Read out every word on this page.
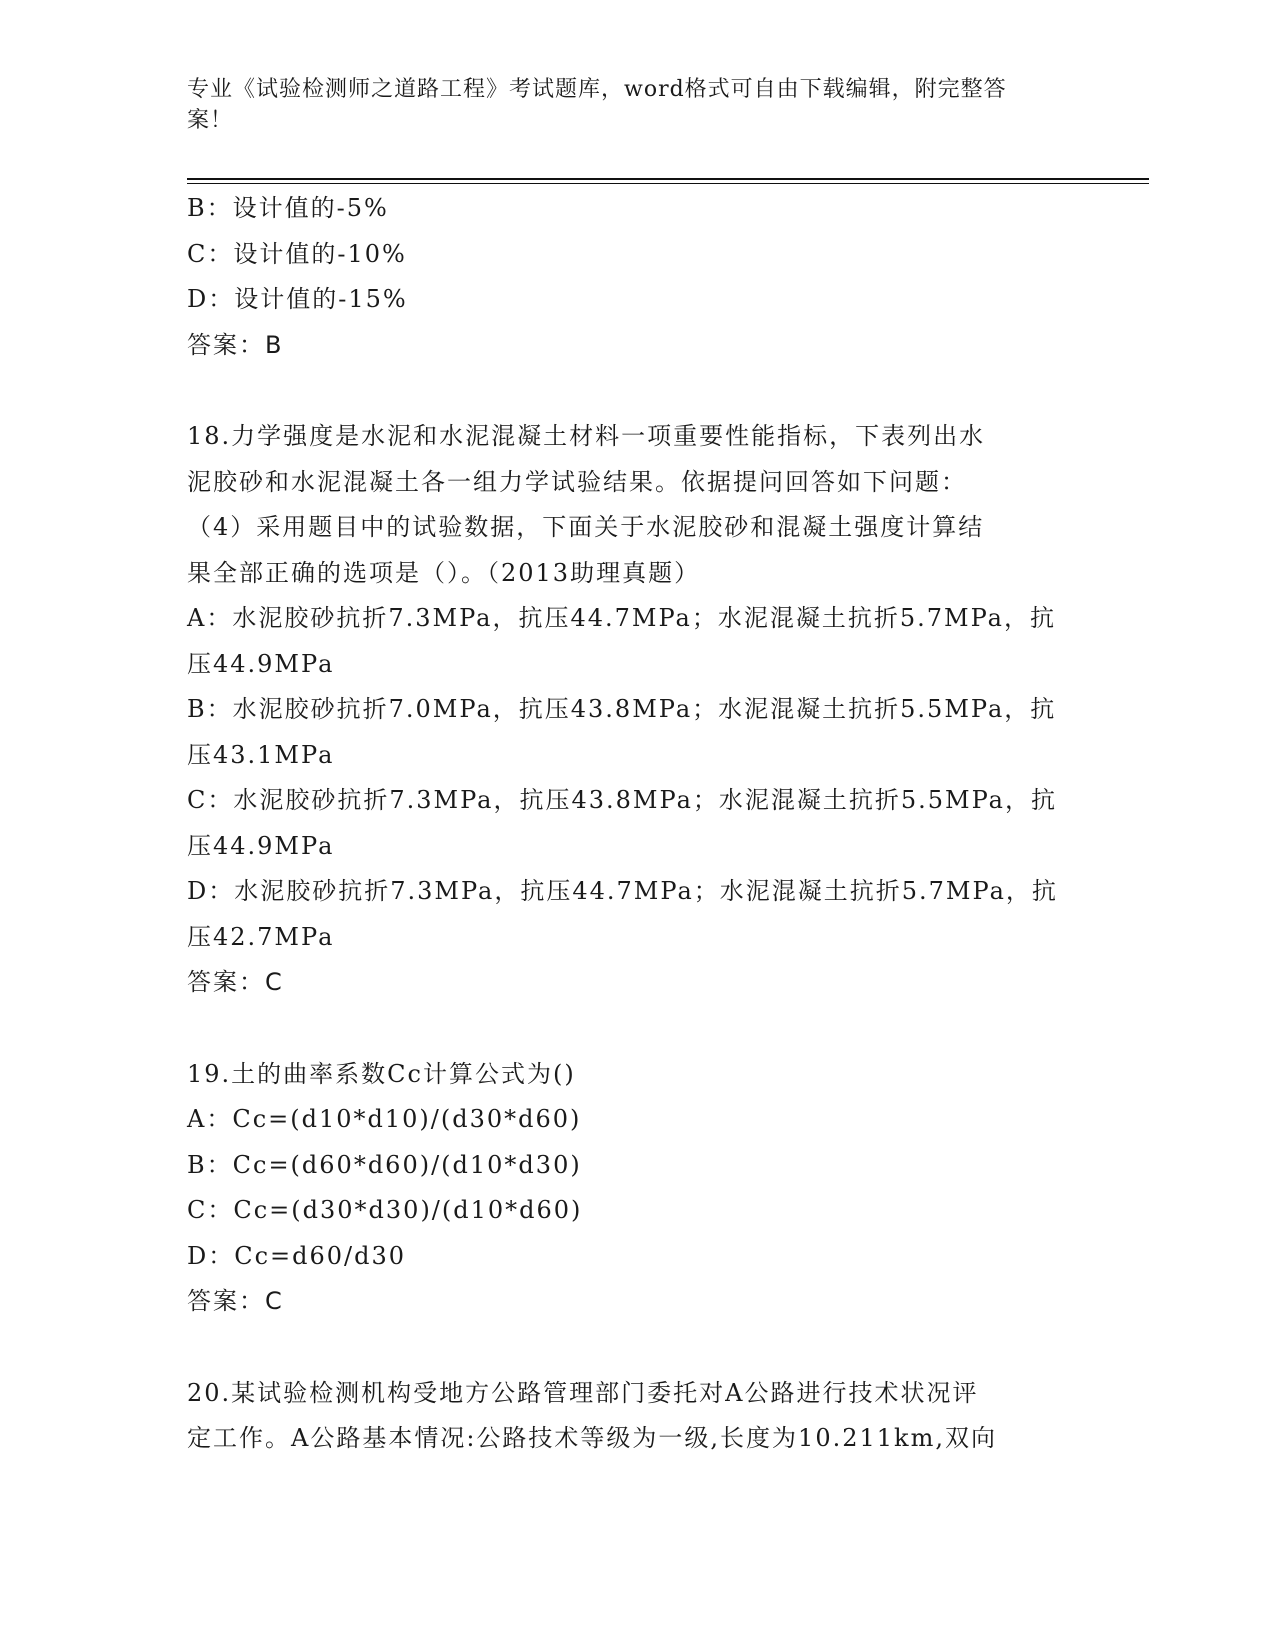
专业《试验检测师之道路工程》考试题库，word格式可自由下载编辑，附完整答
案！
B：设计值的-5%
C：设计值的-10%
D：设计值的-15%
答案：B
18.力学强度是水泥和水泥混凝土材料一项重要性能指标，下表列出水
泥胶砂和水泥混凝土各一组力学试验结果。依据提问回答如下问题：
（4）采用题目中的试验数据，下面关于水泥胶砂和混凝土强度计算结
果全部正确的选项是（）。（2013助理真题）
A：水泥胶砂抗折7.3MPa，抗压44.7MPa；水泥混凝土抗折5.7MPa，抗
压44.9MPa
B：水泥胶砂抗折7.0MPa，抗压43.8MPa；水泥混凝土抗折5.5MPa，抗
压43.1MPa
C：水泥胶砂抗折7.3MPa，抗压43.8MPa；水泥混凝土抗折5.5MPa，抗
压44.9MPa
D：水泥胶砂抗折7.3MPa，抗压44.7MPa；水泥混凝土抗折5.7MPa，抗
压42.7MPa
答案：C
19.土的曲率系数Cc计算公式为()
A：Cc=(d10*d10)/(d30*d60)
B：Cc=(d60*d60)/(d10*d30)
C：Cc=(d30*d30)/(d10*d60)
D：Cc=d60/d30
答案：C
20.某试验检测机构受地方公路管理部门委托对A公路进行技术状况评
定工作。A公路基本情况:公路技术等级为一级,长度为10.211km,双向
